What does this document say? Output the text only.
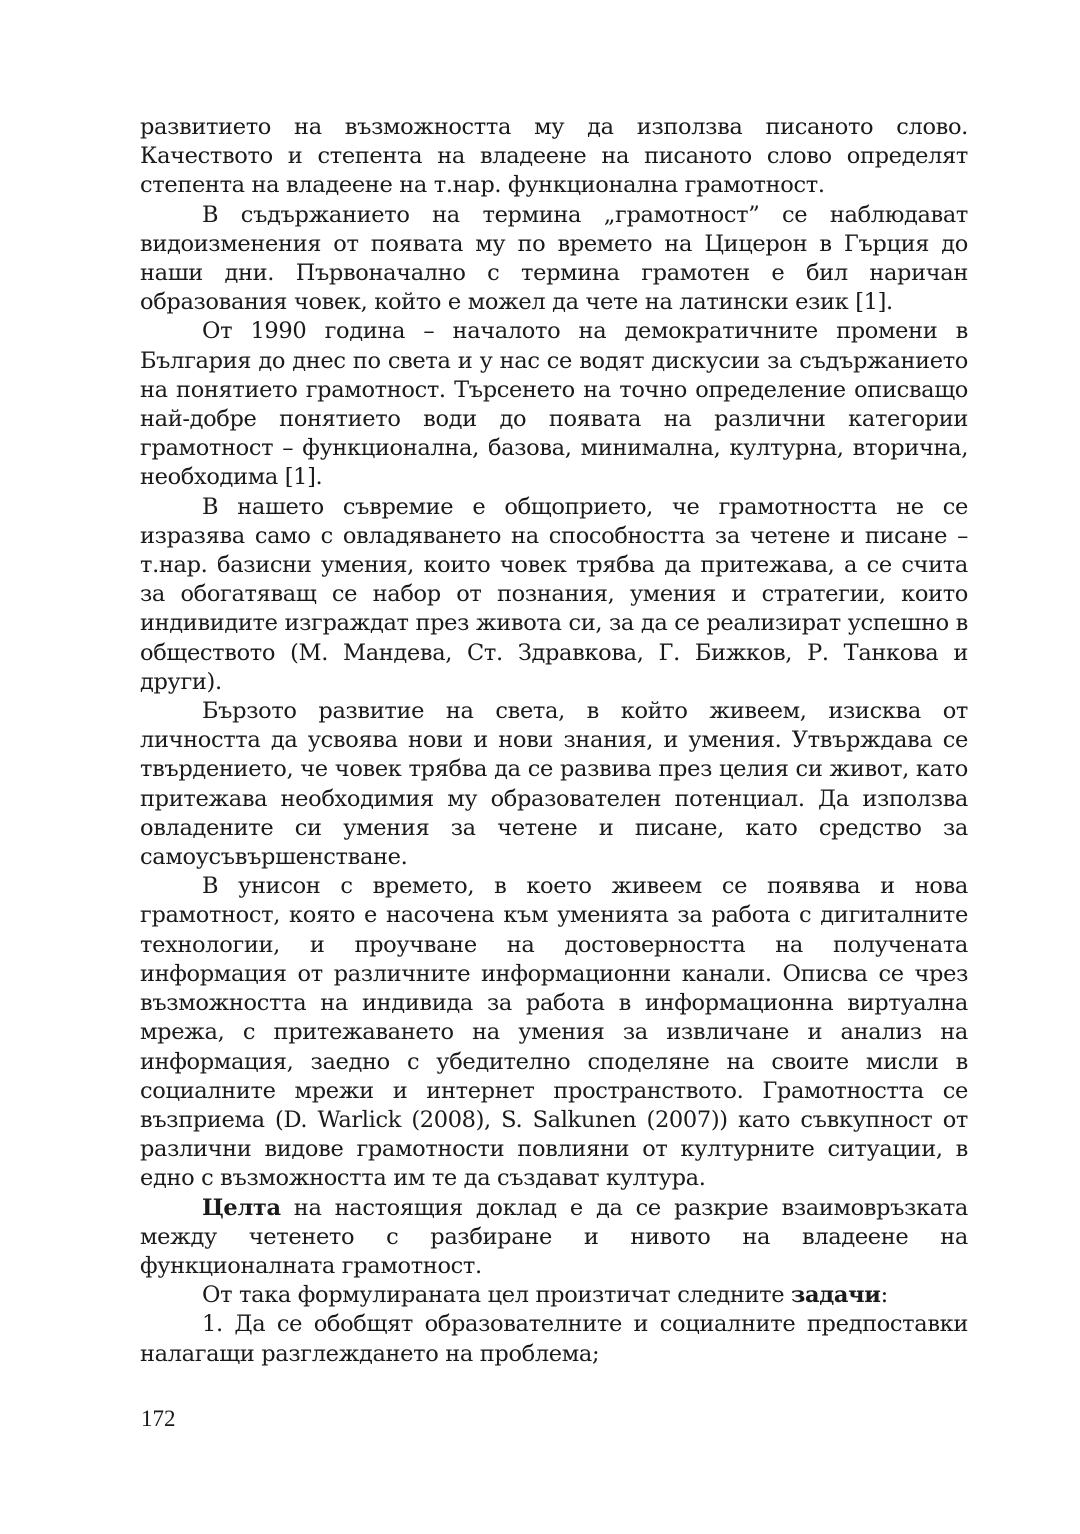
развитието на възможността му да използва писаното слово. Качеството и степента на владеене на писаното слово определят степента на владеене на т.нар. функционална грамотност.

В съдържанието на термина „грамотност” се наблюдават видоизменения от появата му по времето на Цицерон в Гърция до наши дни. Първоначално с термина грамотен е бил наричан образования човек, който е можел да чете на латински език [1].

От 1990 година – началото на демократичните промени в България до днес по света и у нас се водят дискусии за съдържанието на понятието грамотност. Търсенето на точно определение описващо най-добре понятието води до появата на различни категории грамотност – функционална, базова, минимална, културна, вторична, необходима [1].

В нашето съвремие е общоприето, че грамотността не се изразява само с овладяването на способността за четене и писане – т.нар. базисни умения, които човек трябва да притежава, а се счита за обогатяващ се набор от познания, умения и стратегии, които индивидите изграждат през живота си, за да се реализират успешно в обществото (М. Мандева, Ст. Здравкова, Г. Бижков, Р. Танкова и други).

Бързото развитие на света, в който живеем, изисква от личността да усвоява нови и нови знания, и умения. Утвърждава се твърдението, че човек трябва да се развива през целия си живот, като притежава необходимия му образователен потенциал. Да използва овладените си умения за четене и писане, като средство за самоусъвършенстване.

В унисон с времето, в което живеем се появява и нова грамотност, която е насочена към уменията за работа с дигиталните технологии, и проучване на достоверността на получената информация от различните информационни канали. Описва се чрез възможността на индивида за работа в информационна виртуална мрежа, с притежаването на умения за извличане и анализ на информация, заедно с убедително споделяне на своите мисли в социалните мрежи и интернет пространството. Грамотността се възприема (D. Warlick (2008), S. Salkunen (2007)) като съвкупност от различни видове грамотности повлияни от културните ситуации, в едно с възможността им те да създават култура.

Целта на настоящия доклад е да се разкрие взаимовръзката между четенето с разбиране и нивото на владеене на функционалната грамотност.

От така формулираната цел произтичат следните задачи:

1. Да се обобщят образователните и социалните предпоставки налагащи разглеждането на проблема;

172
